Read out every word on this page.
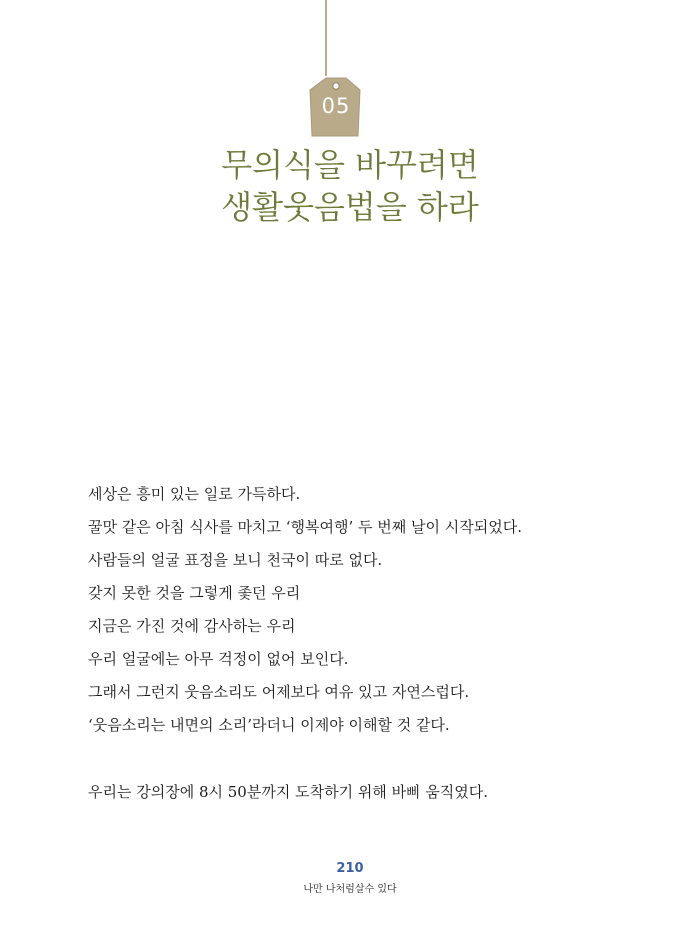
05
무의식을 바꾸려면
생활웃음법을 하라

세상은 흥미 있는 일로 가득하다.

꿀맛 같은 아침 식사를 마치고 ‘행복여행’ 두 번째 날이 시작되었다.

사람들의 얼굴 표정을 보니 천국이 따로 없다.

갖지 못한 것을 그렇게 좇던 우리

지금은 가진 것에 감사하는 우리

우리 얼굴에는 아무 걱정이 없어 보인다.

그래서 그런지 웃음소리도 어제보다 여유 있고 자연스럽다.

‘웃음소리는 내면의 소리’라더니 이제야 이해할 것 같다.

우리는 강의장에 8시 50분까지 도착하기 위해 바삐 움직였다.

210
나만 나처럼살수 있다
